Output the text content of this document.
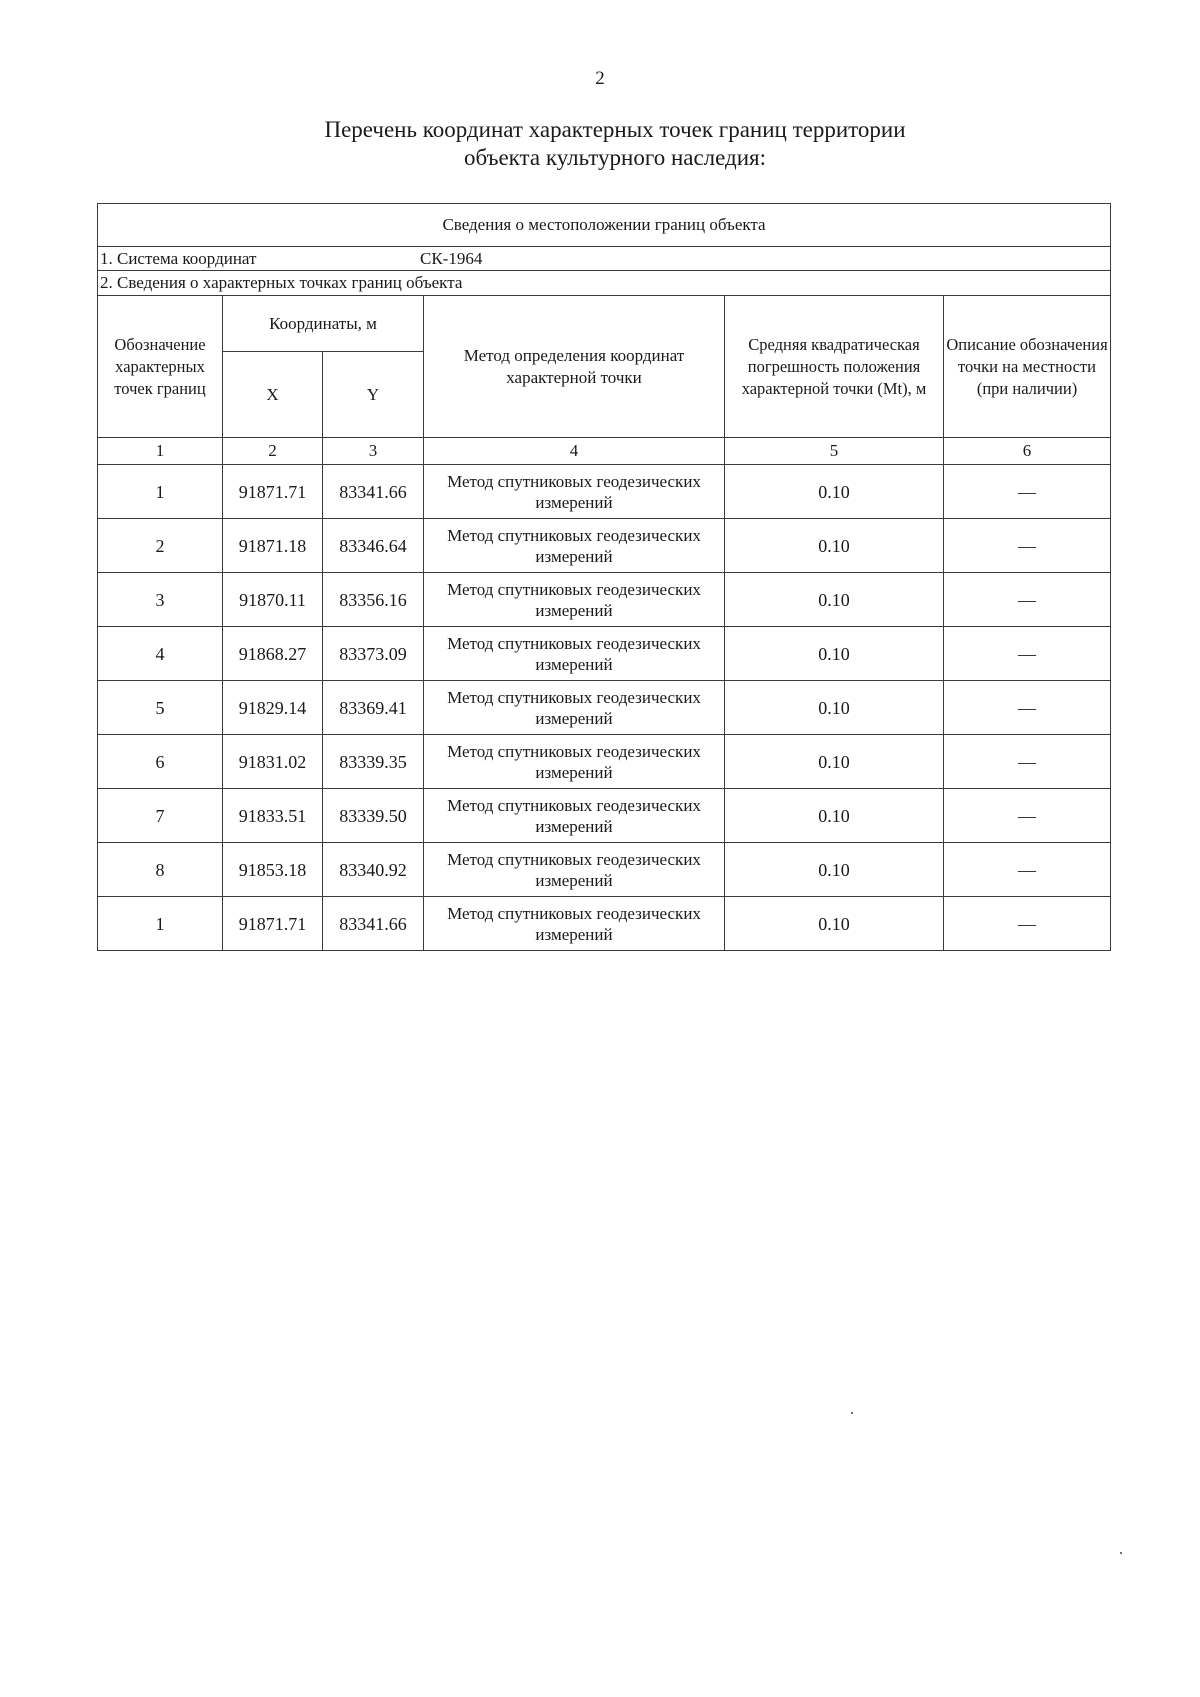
2
Перечень координат характерных точек границ территории
объекта культурного наследия:
Сведения о местоположении границ объекта					
1. Система координат СК-1964					
2. Сведения о характерных точках границ объекта					
Обозначение характерных точек границ	Координаты, м		Метод определения координат характерной точки	Средняя квадратическая погрешность положения характерной точки (Mt), м	Описание обозначения точки на местности (при наличии)
	X	Y			
1	2	3	4	5	6
1	91871.71	83341.66	Метод спутниковых геодезических измерений	0.10	—
2	91871.18	83346.64	Метод спутниковых геодезических измерений	0.10	—
3	91870.11	83356.16	Метод спутниковых геодезических измерений	0.10	—
4	91868.27	83373.09	Метод спутниковых геодезических измерений	0.10	—
5	91829.14	83369.41	Метод спутниковых геодезических измерений	0.10	—
6	91831.02	83339.35	Метод спутниковых геодезических измерений	0.10	—
7	91833.51	83339.50	Метод спутниковых геодезических измерений	0.10	—
8	91853.18	83340.92	Метод спутниковых геодезических измерений	0.10	—
1	91871.71	83341.66	Метод спутниковых геодезических измерений	0.10	—
